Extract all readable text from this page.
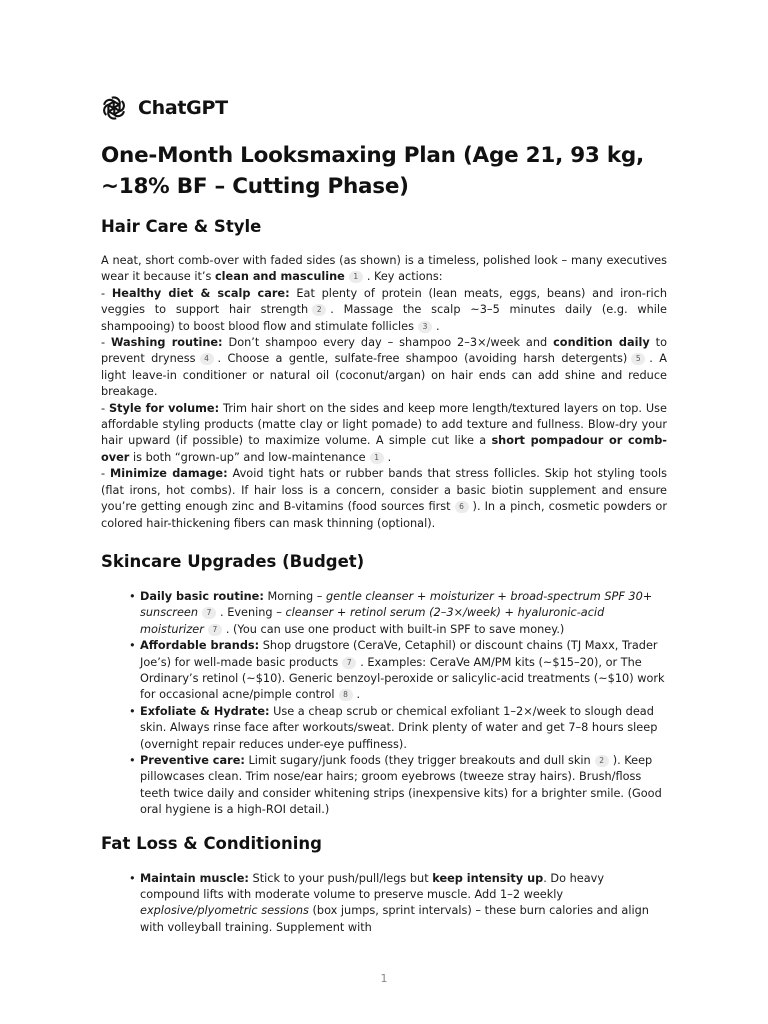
ChatGPT
One-Month Looksmaxing Plan (Age 21, 93 kg, ~18% BF – Cutting Phase)
Hair Care & Style
A neat, short comb-over with faded sides (as shown) is a timeless, polished look – many executives wear it because it’s clean and masculine 1 . Key actions:
- Healthy diet & scalp care: Eat plenty of protein (lean meats, eggs, beans) and iron-rich veggies to support hair strength 2 . Massage the scalp ~3–5 minutes daily (e.g. while shampooing) to boost blood flow and stimulate follicles 3 .
- Washing routine: Don’t shampoo every day – shampoo 2–3×/week and condition daily to prevent dryness 4 . Choose a gentle, sulfate-free shampoo (avoiding harsh detergents) 5 . A light leave-in conditioner or natural oil (coconut/argan) on hair ends can add shine and reduce breakage.
- Style for volume: Trim hair short on the sides and keep more length/textured layers on top. Use affordable styling products (matte clay or light pomade) to add texture and fullness. Blow-dry your hair upward (if possible) to maximize volume. A simple cut like a short pompadour or comb-over is both “grown-up” and low-maintenance 1 .
- Minimize damage: Avoid tight hats or rubber bands that stress follicles. Skip hot styling tools (flat irons, hot combs). If hair loss is a concern, consider a basic biotin supplement and ensure you’re getting enough zinc and B-vitamins (food sources first 6 ). In a pinch, cosmetic powders or colored hair-thickening fibers can mask thinning (optional).
Skincare Upgrades (Budget)
• Daily basic routine: Morning – gentle cleanser + moisturizer + broad-spectrum SPF 30+ sunscreen 7 . Evening – cleanser + retinol serum (2–3×/week) + hyaluronic-acid moisturizer 7 . (You can use one product with built-in SPF to save money.)
• Affordable brands: Shop drugstore (CeraVe, Cetaphil) or discount chains (TJ Maxx, Trader Joe’s) for well-made basic products 7 . Examples: CeraVe AM/PM kits (~$15–20), or The Ordinary’s retinol (~$10). Generic benzoyl-peroxide or salicylic-acid treatments (~$10) work for occasional acne/pimple control 8 .
• Exfoliate & Hydrate: Use a cheap scrub or chemical exfoliant 1–2×/week to slough dead skin. Always rinse face after workouts/sweat. Drink plenty of water and get 7–8 hours sleep (overnight repair reduces under-eye puffiness).
• Preventive care: Limit sugary/junk foods (they trigger breakouts and dull skin 2 ). Keep pillowcases clean. Trim nose/ear hairs; groom eyebrows (tweeze stray hairs). Brush/floss teeth twice daily and consider whitening strips (inexpensive kits) for a brighter smile. (Good oral hygiene is a high-ROI detail.)
Fat Loss & Conditioning
• Maintain muscle: Stick to your push/pull/legs but keep intensity up. Do heavy compound lifts with moderate volume to preserve muscle. Add 1–2 weekly explosive/plyometric sessions (box jumps, sprint intervals) – these burn calories and align with volleyball training. Supplement with
1
